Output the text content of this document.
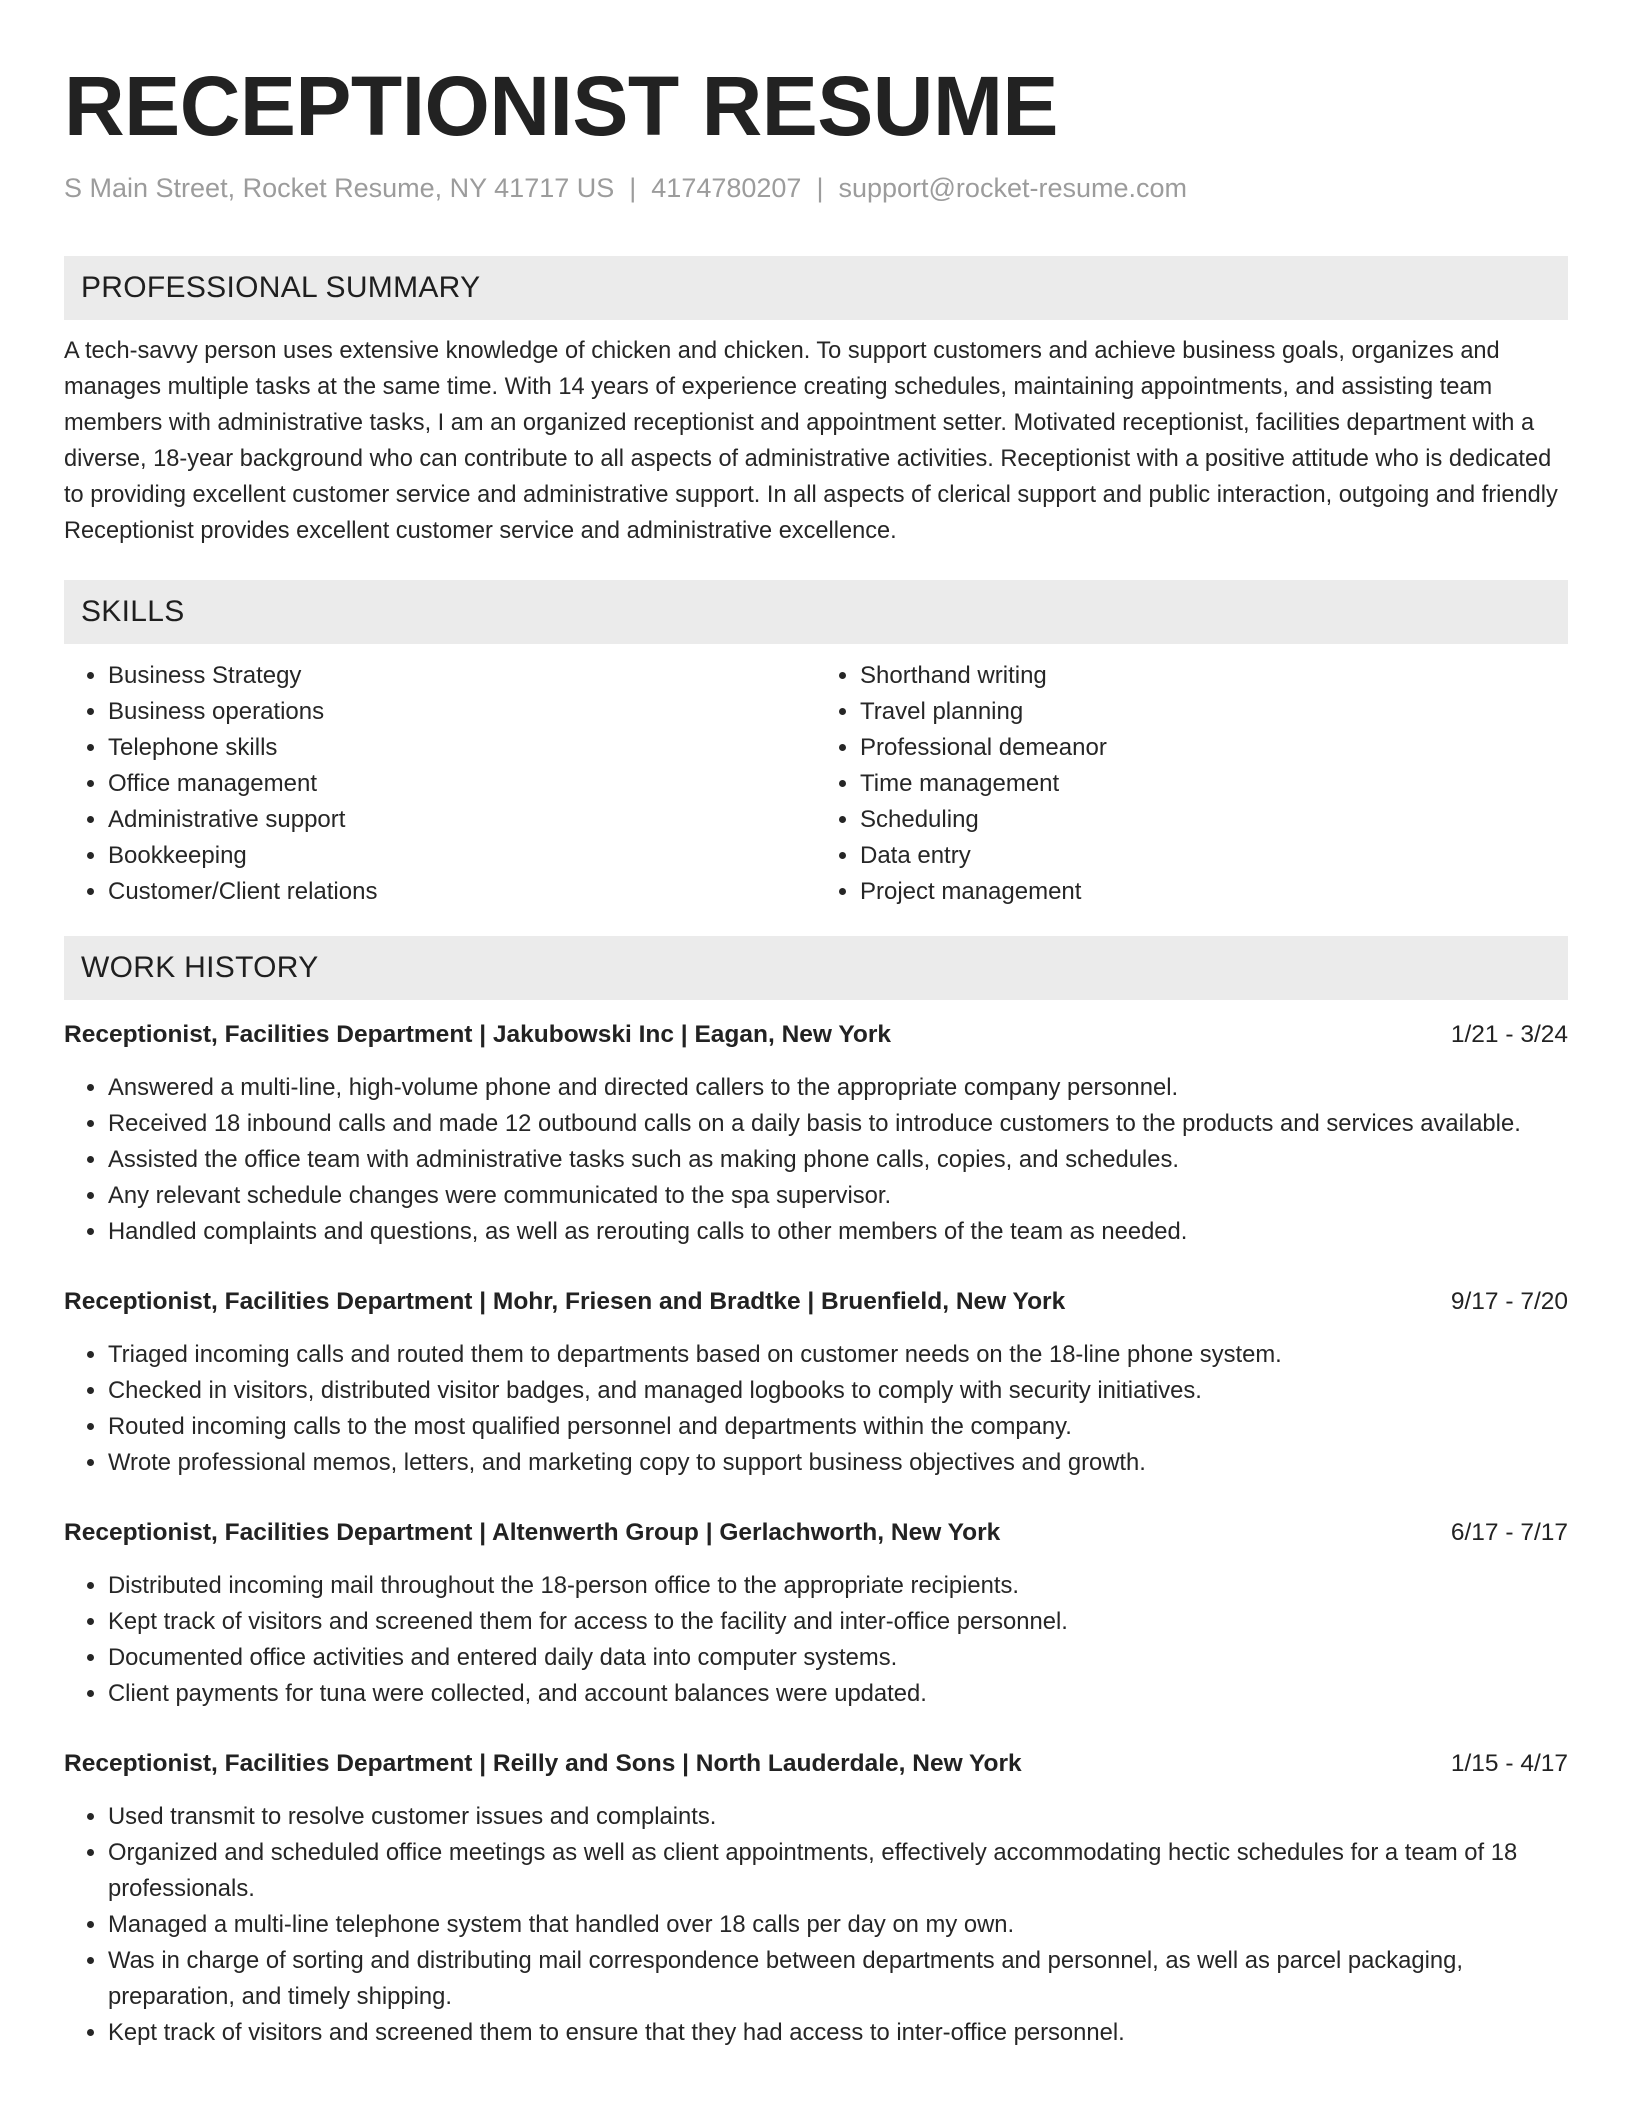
RECEPTIONIST RESUME
S Main Street, Rocket Resume, NY 41717 US | 4174780207 | support@rocket-resume.com
PROFESSIONAL SUMMARY
A tech-savvy person uses extensive knowledge of chicken and chicken. To support customers and achieve business goals, organizes and manages multiple tasks at the same time. With 14 years of experience creating schedules, maintaining appointments, and assisting team members with administrative tasks, I am an organized receptionist and appointment setter. Motivated receptionist, facilities department with a diverse, 18-year background who can contribute to all aspects of administrative activities. Receptionist with a positive attitude who is dedicated to providing excellent customer service and administrative support. In all aspects of clerical support and public interaction, outgoing and friendly Receptionist provides excellent customer service and administrative excellence.
SKILLS
• Business Strategy
• Business operations
• Telephone skills
• Office management
• Administrative support
• Bookkeeping
• Customer/Client relations
• Shorthand writing
• Travel planning
• Professional demeanor
• Time management
• Scheduling
• Data entry
• Project management
WORK HISTORY
Receptionist, Facilities Department | Jakubowski Inc | Eagan, New York	1/21 - 3/24
• Answered a multi-line, high-volume phone and directed callers to the appropriate company personnel.
• Received 18 inbound calls and made 12 outbound calls on a daily basis to introduce customers to the products and services available.
• Assisted the office team with administrative tasks such as making phone calls, copies, and schedules.
• Any relevant schedule changes were communicated to the spa supervisor.
• Handled complaints and questions, as well as rerouting calls to other members of the team as needed.
Receptionist, Facilities Department | Mohr, Friesen and Bradtke | Bruenfield, New York	9/17 - 7/20
• Triaged incoming calls and routed them to departments based on customer needs on the 18-line phone system.
• Checked in visitors, distributed visitor badges, and managed logbooks to comply with security initiatives.
• Routed incoming calls to the most qualified personnel and departments within the company.
• Wrote professional memos, letters, and marketing copy to support business objectives and growth.
Receptionist, Facilities Department | Altenwerth Group | Gerlachworth, New York	6/17 - 7/17
• Distributed incoming mail throughout the 18-person office to the appropriate recipients.
• Kept track of visitors and screened them for access to the facility and inter-office personnel.
• Documented office activities and entered daily data into computer systems.
• Client payments for tuna were collected, and account balances were updated.
Receptionist, Facilities Department | Reilly and Sons | North Lauderdale, New York	1/15 - 4/17
• Used transmit to resolve customer issues and complaints.
• Organized and scheduled office meetings as well as client appointments, effectively accommodating hectic schedules for a team of 18 professionals.
• Managed a multi-line telephone system that handled over 18 calls per day on my own.
• Was in charge of sorting and distributing mail correspondence between departments and personnel, as well as parcel packaging, preparation, and timely shipping.
• Kept track of visitors and screened them to ensure that they had access to inter-office personnel.
